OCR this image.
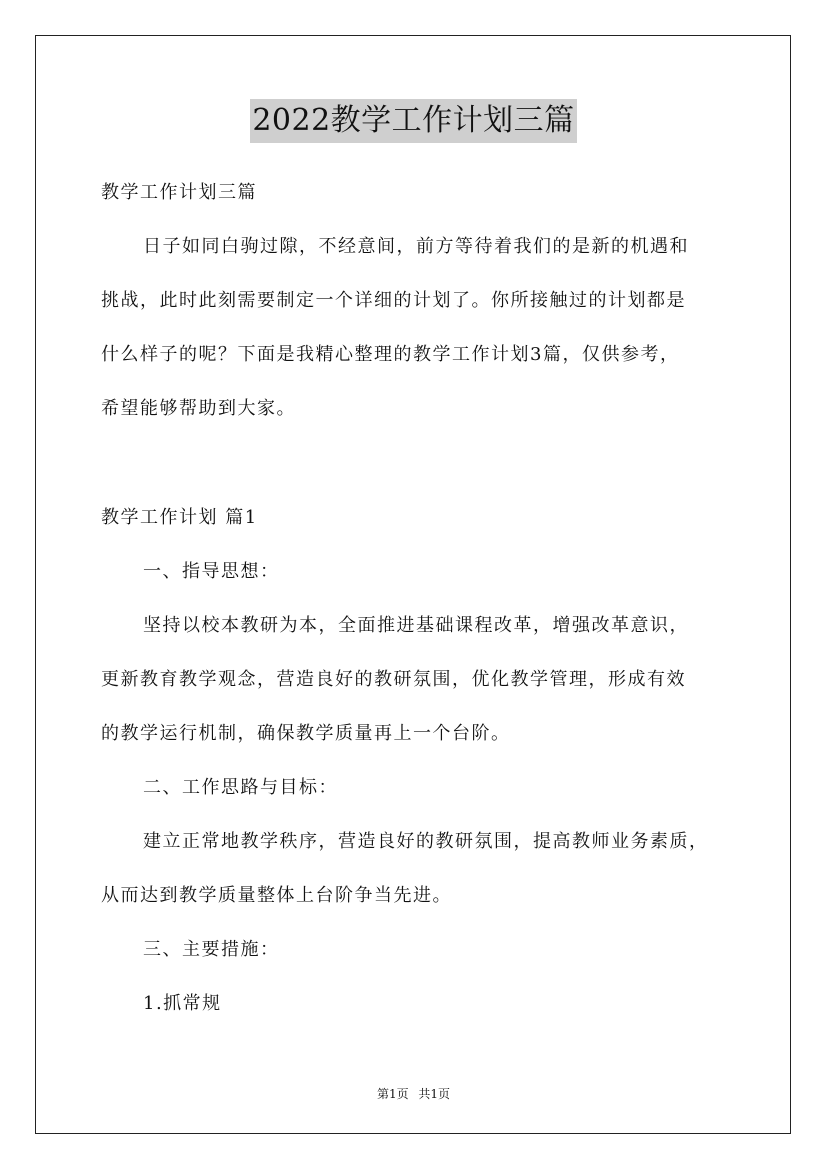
2022教学工作计划三篇
教学工作计划三篇
日子如同白驹过隙，不经意间，前方等待着我们的是新的机遇和
挑战，此时此刻需要制定一个详细的计划了。你所接触过的计划都是
什么样子的呢？下面是我精心整理的教学工作计划3篇，仅供参考，
希望能够帮助到大家。
教学工作计划 篇1
一、指导思想：
坚持以校本教研为本，全面推进基础课程改革，增强改革意识，
更新教育教学观念，营造良好的教研氛围，优化教学管理，形成有效
的教学运行机制，确保教学质量再上一个台阶。
二、工作思路与目标：
建立正常地教学秩序，营造良好的教研氛围，提高教师业务素质，
从而达到教学质量整体上台阶争当先进。
三、主要措施：
1.抓常规
第1页 共1页
